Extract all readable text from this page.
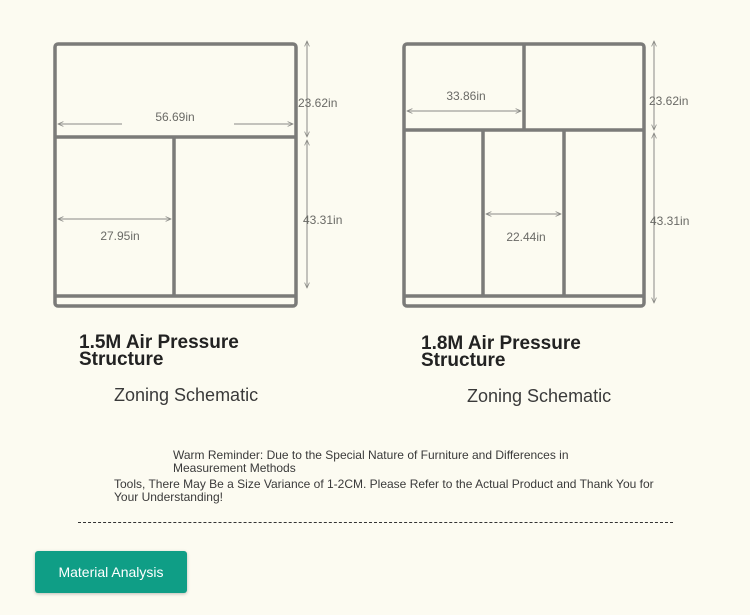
56.69in
27.95in
23.62in
43.31in
33.86in
22.44in
23.62in
43.31in
1.5M Air Pressure Structure
Zoning Schematic
1.8M Air Pressure Structure
Zoning Schematic
Warm Reminder: Due to the Special Nature of Furniture and Differences in Measurement Methods
Tools, There May Be a Size Variance of 1-2CM. Please Refer to the Actual Product and Thank You for Your Understanding!
Material Analysis
